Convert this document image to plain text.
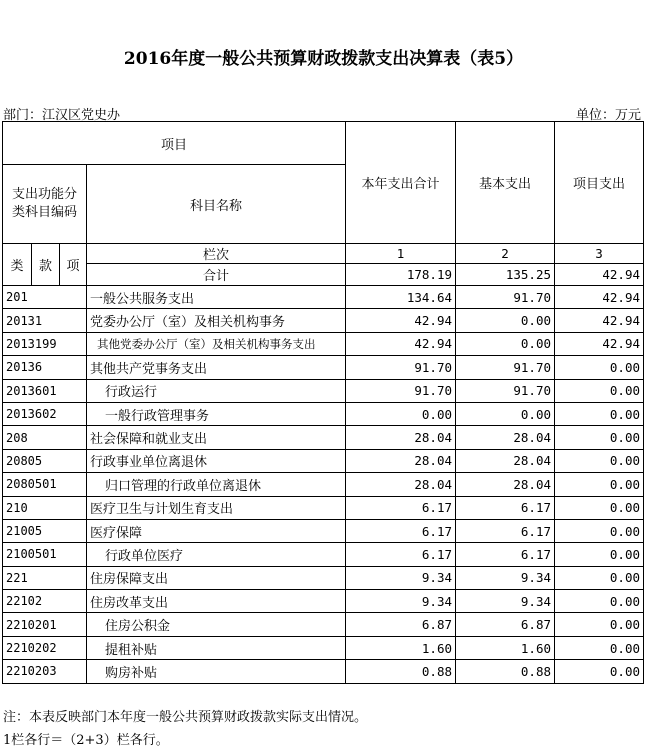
2016年度一般公共预算财政拨款支出决算表（表5）
部门：江汉区党史办	单位：万元
项目				本年支出合计	基本支出	项目支出
支出功能分类科目编码			科目名称			
类	款	项	栏次	1	2	3
			合计	178.19	135.25	42.94
201			一般公共服务支出	134.64	91.70	42.94
20131			党委办公厅（室）及相关机构事务	42.94	0.00	42.94
2013199			其他党委办公厅（室）及相关机构事务支出	42.94	0.00	42.94
20136			其他共产党事务支出	91.70	91.70	0.00
2013601			行政运行	91.70	91.70	0.00
2013602			一般行政管理事务	0.00	0.00	0.00
208			社会保障和就业支出	28.04	28.04	0.00
20805			行政事业单位离退休	28.04	28.04	0.00
2080501			归口管理的行政单位离退休	28.04	28.04	0.00
210			医疗卫生与计划生育支出	6.17	6.17	0.00
21005			医疗保障	6.17	6.17	0.00
2100501			行政单位医疗	6.17	6.17	0.00
221			住房保障支出	9.34	9.34	0.00
22102			住房改革支出	9.34	9.34	0.00
2210201			住房公积金	6.87	6.87	0.00
2210202			提租补贴	1.60	1.60	0.00
2210203			购房补贴	0.88	0.88	0.00
注：本表反映部门本年度一般公共预算财政拨款实际支出情况。
1栏各行＝（2+3）栏各行。
